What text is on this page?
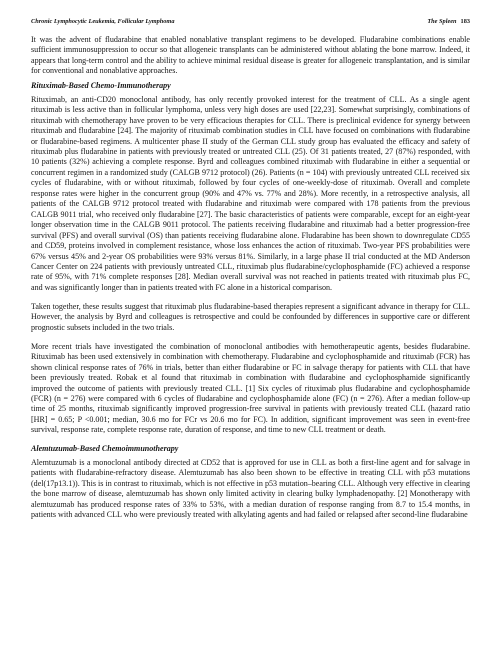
Chronic Lymphocytic Leukemia, Follicular Lymphoma	The Spleen 183

It was the advent of fludarabine that enabled nonablative transplant regimens to be developed. Fludarabine combinations enable sufficient immunosuppression to occur so that allogeneic transplants can be administered without ablating the bone marrow. Indeed, it appears that long-term control and the ability to achieve minimal residual disease is greater for allogeneic transplantation, and is similar for conventional and nonablative approaches.

Rituximab-Based Chemo-Immunotherapy

Rituximab, an anti-CD20 monoclonal antibody, has only recently provoked interest for the treatment of CLL. As a single agent rituximab is less active than in follicular lymphoma, unless very high doses are used [22,23]. Somewhat surprisingly, combinations of rituximab with chemotherapy have proven to be very efficacious therapies for CLL. There is preclinical evidence for synergy between rituximab and fludarabine [24]. The majority of rituximab combination studies in CLL have focused on combinations with fludarabine or fludarabine-based regimens. A multicenter phase II study of the German CLL study group has evaluated the efficacy and safety of rituximab plus fludarabine in patients with previously treated or untreated CLL (25). Of 31 patients treated, 27 (87%) responded, with 10 patients (32%) achieving a complete response. Byrd and colleagues combined rituximab with fludarabine in either a sequential or concurrent regimen in a randomized study (CALGB 9712 protocol) (26). Patients (n = 104) with previously untreated CLL received six cycles of fludarabine, with or without rituximab, followed by four cycles of one-weekly-dose of rituximab. Overall and complete response rates were higher in the concurrent group (90% and 47% vs. 77% and 28%). More recently, in a retrospective analysis, all patients of the CALGB 9712 protocol treated with fludarabine and rituximab were compared with 178 patients from the previous CALGB 9011 trial, who received only fludarabine [27]. The basic characteristics of patients were comparable, except for an eight-year longer observation time in the CALGB 9011 protocol. The patients receiving fludarabine and rituximab had a better progression-free survival (PFS) and overall survival (OS) than patients receiving fludarabine alone. Fludarabine has been shown to downregulate CD55 and CD59, proteins involved in complement resistance, whose loss enhances the action of rituximab. Two-year PFS probabilities were 67% versus 45% and 2-year OS probabilities were 93% versus 81%. Similarly, in a large phase II trial conducted at the MD Anderson Cancer Center on 224 patients with previously untreated CLL, rituximab plus fludarabine/cyclophosphamide (FC) achieved a response rate of 95%, with 71% complete responses [28]. Median overall survival was not reached in patients treated with rituximab plus FC, and was significantly longer than in patients treated with FC alone in a historical comparison.

Taken together, these results suggest that rituximab plus fludarabine-based therapies represent a significant advance in therapy for CLL. However, the analysis by Byrd and colleagues is retrospective and could be confounded by differences in supportive care or different prognostic subsets included in the two trials.

More recent trials have investigated the combination of monoclonal antibodies with hemotherapeutic agents, besides fludarabine. Rituximab has been used extensively in combination with chemotherapy. Fludarabine and cyclophosphamide and rituximab (FCR) has shown clinical response rates of 76% in trials, better than either fludarabine or FC in salvage therapy for patients with CLL that have been previously treated. Robak et al found that rituximab in combination with fludarabine and cyclophosphamide significantly improved the outcome of patients with previously treated CLL. [1] Six cycles of rituximab plus fludarabine and cyclophosphamide (FCR) (n = 276) were compared with 6 cycles of fludarabine and cyclophosphamide alone (FC) (n = 276). After a median follow-up time of 25 months, rituximab significantly improved progression-free survival in patients with previously treated CLL (hazard ratio [HR] = 0.65; P <0.001; median, 30.6 mo for FCr vs 20.6 mo for FC). In addition, significant improvement was seen in event-free survival, response rate, complete response rate, duration of response, and time to new CLL treatment or death.

Alemtuzumab-Based Chemoimmunotherapy

Alemtuzumab is a monoclonal antibody directed at CD52 that is approved for use in CLL as both a first-line agent and for salvage in patients with fludarabine-refractory disease. Alemtuzumab has also been shown to be effective in treating CLL with p53 mutations (del(17p13.1)). This is in contrast to rituximab, which is not effective in p53 mutation–bearing CLL. Although very effective in clearing the bone marrow of disease, alemtuzumab has shown only limited activity in clearing bulky lymphadenopathy. [2] Monotherapy with alemtuzumab has produced response rates of 33% to 53%, with a median duration of response ranging from 8.7 to 15.4 months, in patients with advanced CLL who were previously treated with alkylating agents and had failed or relapsed after second-line fludarabine
